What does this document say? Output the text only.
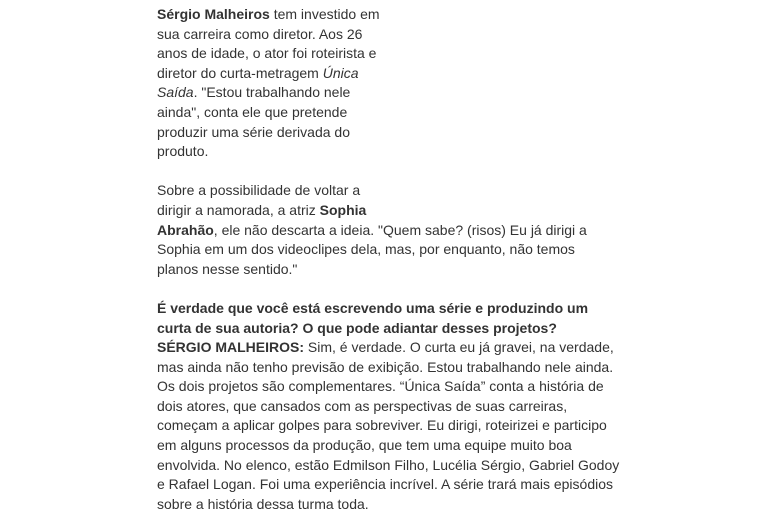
Sérgio Malheiros tem investido em
sua carreira como diretor. Aos 26
anos de idade, o ator foi roteirista e
diretor do curta-metragem Única
Saída. "Estou trabalhando nele
ainda", conta ele que pretende
produzir uma série derivada do
produto.

Sobre a possibilidade de voltar a
dirigir a namorada, a atriz Sophia
Abrahão, ele não descarta a ideia. "Quem sabe? (risos) Eu já dirigi a
Sophia em um dos videoclipes dela, mas, por enquanto, não temos
planos nesse sentido."

É verdade que você está escrevendo uma série e produzindo um curta de sua autoria? O que pode adiantar desses projetos?
SÉRGIO MALHEIROS: Sim, é verdade. O curta eu já gravei, na verdade,
mas ainda não tenho previsão de exibição. Estou trabalhando nele ainda.
Os dois projetos são complementares. “Única Saída” conta a história de
dois atores, que cansados com as perspectivas de suas carreiras,
começam a aplicar golpes para sobreviver. Eu dirigi, roteirizei e participo
em alguns processos da produção, que tem uma equipe muito boa
envolvida. No elenco, estão Edmilson Filho, Lucélia Sérgio, Gabriel Godoy
e Rafael Logan. Foi uma experiência incrível. A série trará mais episódios
sobre a história dessa turma toda.
